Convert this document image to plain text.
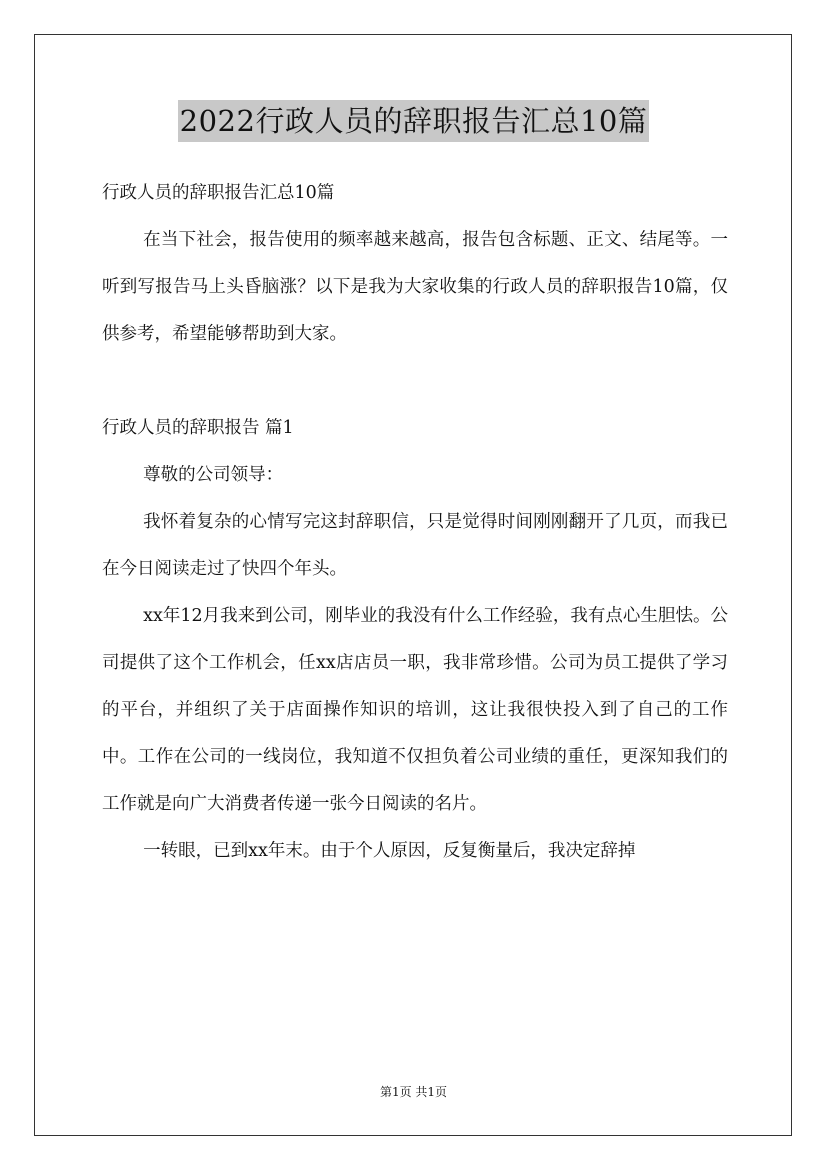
2022行政人员的辞职报告汇总10篇

行政人员的辞职报告汇总10篇

在当下社会，报告使用的频率越来越高，报告包含标题、正文、结尾等。一听到写报告马上头昏脑涨？以下是我为大家收集的行政人员的辞职报告10篇，仅供参考，希望能够帮助到大家。

行政人员的辞职报告 篇1

尊敬的公司领导：

我怀着复杂的心情写完这封辞职信，只是觉得时间刚刚翻开了几页，而我已在今日阅读走过了快四个年头。

xx年12月我来到公司，刚毕业的我没有什么工作经验，我有点心生胆怯。公司提供了这个工作机会，任xx店店员一职，我非常珍惜。公司为员工提供了学习的平台，并组织了关于店面操作知识的培训，这让我很快投入到了自己的工作中。工作在公司的一线岗位，我知道不仅担负着公司业绩的重任，更深知我们的工作就是向广大消费者传递一张今日阅读的名片。

一转眼，已到xx年末。由于个人原因，反复衡量后，我决定辞掉

第1页 共1页
